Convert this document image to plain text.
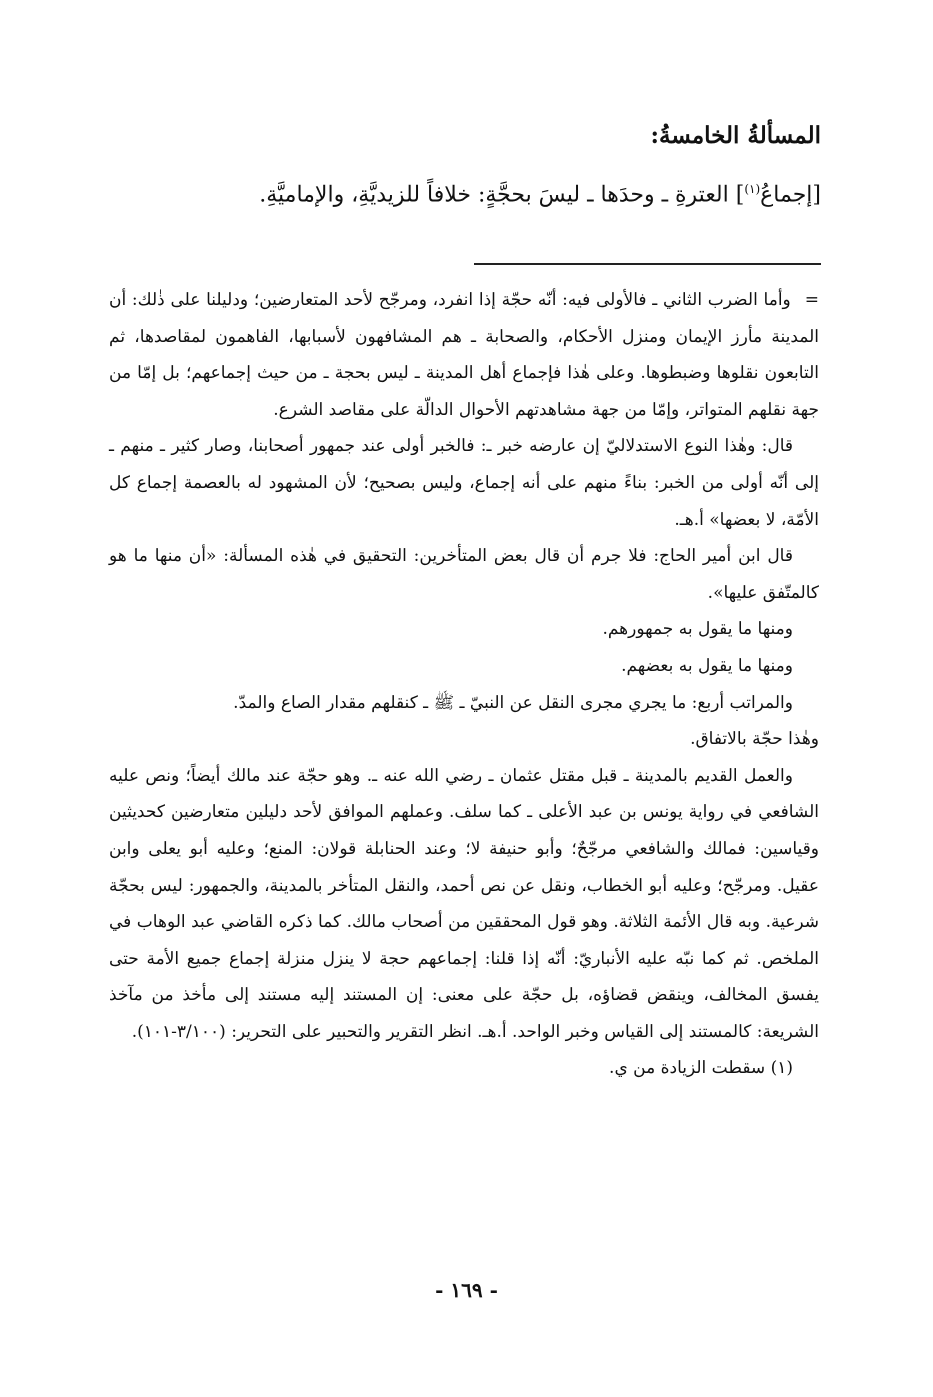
المسألةُ الخامسةُ:
[إجماعُ$^{(١)}$] العترةِ ـ وحدَها ـ ليسَ بحجَّةٍ: خلافاً للزيديَّةِ، والإماميَّةِ.

=وأما الضرب الثاني ـ فالأولى فيه: أنّه حجّة إذا انفرد، ومرجّح لأحد المتعارضين؛ ودليلنا على ذٰلك: أن المدينة مأرز الإيمان ومنزل الأحكام، والصحابة ـ هم المشافهون لأسبابها، الفاهمون لمقاصدها، ثم التابعون نقلوها وضبطوها. وعلى هٰذا فإجماع أهل المدينة ـ ليس بحجة ـ من حيث إجماعهم؛ بل إمّا من جهة نقلهم المتواتر، وإمّا من جهة مشاهدتهم الأحوال الدالّة على مقاصد الشرع.

قال: وهٰذا النوع الاستدلاليّ إن عارضه خبر ـ: فالخبر أولى عند جمهور أصحابنا، وصار كثير ـ منهم ـ إلى أنّه أولى من الخبر: بناءً منهم على أنه إجماع، وليس بصحيح؛ لأن المشهود له بالعصمة إجماع كل الأمّة، لا بعضها» أ.هـ.

قال ابن أمير الحاج: فلا جرم أن قال بعض المتأخرين: التحقيق في هٰذه المسألة: «أن منها ما هو كالمتّفق عليها».

ومنها ما يقول به جمهورهم.

ومنها ما يقول به بعضهم.

والمراتب أربع: ما يجري مجرى النقل عن النبيّ ـ ﷺ ـ كنقلهم مقدار الصاع والمدّ.

وهٰذا حجّة بالاتفاق.

والعمل القديم بالمدينة ـ قبل مقتل عثمان ـ رضي الله عنه ـ. وهو حجّة عند مالك أيضاً؛ ونص عليه الشافعي في رواية يونس بن عبد الأعلى ـ كما سلف. وعملهم الموافق لأحد دليلين متعارضين كحديثين وقياسين: فمالك والشافعي مرجّحٌ؛ وأبو حنيفة لا؛ وعند الحنابلة قولان: المنع؛ وعليه أبو يعلى وابن عقيل. ومرجّح؛ وعليه أبو الخطاب، ونقل عن نص أحمد، والنقل المتأخر بالمدينة، والجمهور: ليس بحجّة شرعية. وبه قال الأئمة الثلاثة. وهو قول المحققين من أصحاب مالك. كما ذكره القاضي عبد الوهاب في الملخص. ثم كما نبّه عليه الأنباريّ: أنّه إذا قلنا: إجماعهم حجة لا ينزل منزلة إجماع جميع الأمة حتى يفسق المخالف، وينقض قضاؤه، بل حجّة على معنى: إن المستند إليه مستند إلى مأخذ من مآخذ الشريعة: كالمستند إلى القياس وخبر الواحد. أ.هـ. انظر التقرير والتحبير على التحرير: (٣/١٠٠-١٠١).

(١) سقطت الزيادة من ي.

- ١٦٩ -
